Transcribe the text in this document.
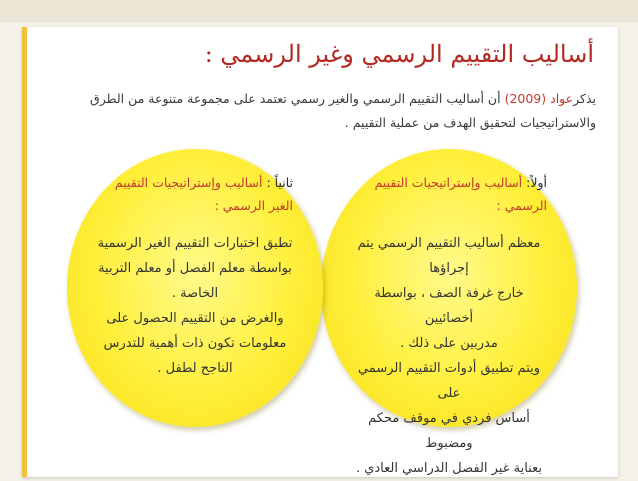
أساليب التقييم الرسمي وغير الرسمي :
يذكرعواد (2009) أن أساليب التقييم الرسمي والغير رسمي تعتمد على مجموعة متنوعة من الطرق والاستراتيجيات لتحقيق الهدف من عملية التقييم .
أولاً: أساليب وإستراتيجيات التقييم الرسمي :
معظم أساليب التقييم الرسمي يتم إجراؤها
خارج غرفة الصف ، بواسطة أخصائيين
مدربين على ذلك .
ويتم تطبيق أدوات التقييم الرسمي على
أساس فردي في موقف محكم ومضبوط
بعناية غير الفصل الدراسي العادي .
ثانياً : أساليب وإستراتيجيات التقييم الغير الرسمي :
تطبق اختبارات التقييم الغير الرسمية
بواسطة معلم الفصل أو معلم التربية
الخاصة .
والغرض من التقييم الحصول على
معلومات تكون ذات أهمية للتدرس
الناجح لطفل .
